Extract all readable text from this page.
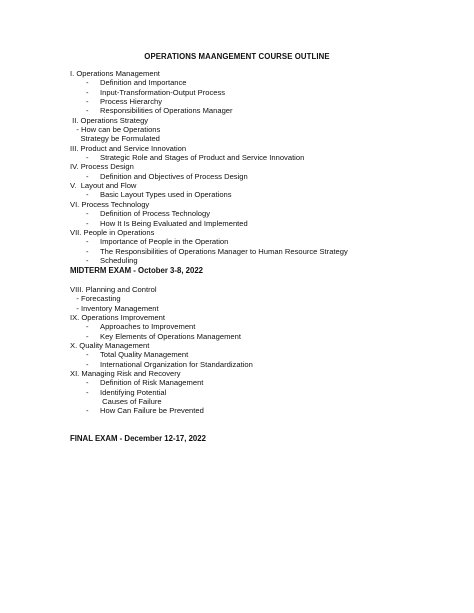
OPERATIONS MAANGEMENT COURSE OUTLINE
I. Operations Management
- Definition and Importance
- Input-Transformation-Output Process
- Process Hierarchy
- Responsibilities of Operations Manager
II. Operations Strategy
- How can be Operations
Strategy be Formulated
III. Product and Service Innovation
- Strategic Role and Stages of Product and Service Innovation
IV. Process Design
- Definition and Objectives of Process Design
V.  Layout and Flow
- Basic Layout Types used in Operations
VI. Process Technology
- Definition of Process Technology
- How It Is Being Evaluated and Implemented
VII. People in Operations
- Importance of People in the Operation
- The Responsibilities of Operations Manager to Human Resource Strategy
- Scheduling
MIDTERM EXAM - October 3-8, 2022
VIII. Planning and Control
- Forecasting
- Inventory Management
IX. Operations Improvement
- Approaches to Improvement
- Key Elements of Operations Management
X. Quality Management
- Total Quality Management
- International Organization for Standardization
XI. Managing Risk and Recovery
- Definition of Risk Management
- Identifying Potential
Causes of Failure
- How Can Failure be Prevented
FINAL EXAM - December 12-17, 2022
